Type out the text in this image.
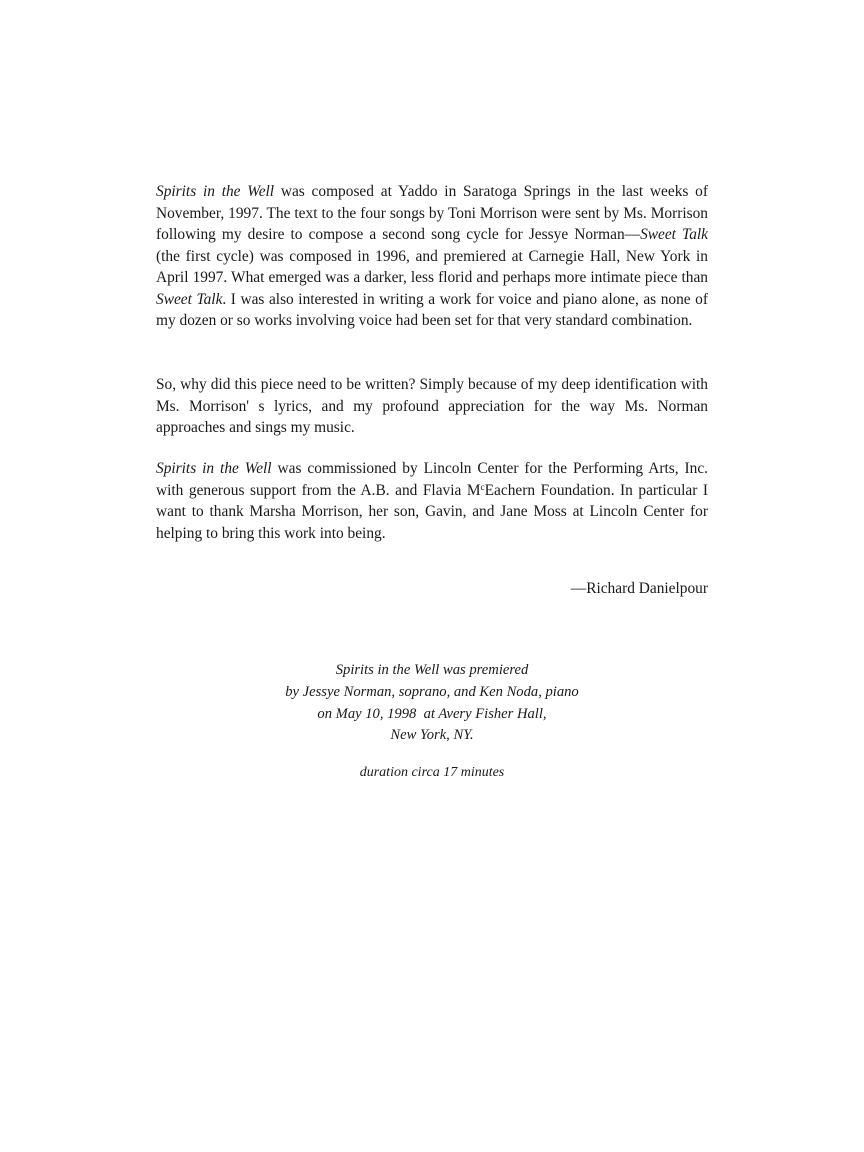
Spirits in the Well was composed at Yaddo in Saratoga Springs in the last weeks of November, 1997. The text to the four songs by Toni Morrison were sent by Ms. Morrison following my desire to compose a second song cycle for Jessye Norman—Sweet Talk (the first cycle) was composed in 1996, and premiered at Carnegie Hall, New York in April 1997. What emerged was a darker, less florid and perhaps more intimate piece than Sweet Talk. I was also interested in writing a work for voice and piano alone, as none of my dozen or so works involving voice had been set for that very standard combination.

So, why did this piece need to be written? Simply because of my deep identification with Ms. Morrison' s lyrics, and my profound appreciation for the way Ms. Norman approaches and sings my music.

Spirits in the Well was commissioned by Lincoln Center for the Performing Arts, Inc. with generous support from the A.B. and Flavia $M^cEachern$ Foundation. In particular I want to thank Marsha Morrison, her son, Gavin, and Jane Moss at Lincoln Center for helping to bring this work into being.

—Richard Danielpour

Spirits in the Well was premiered
by Jessye Norman, soprano, and Ken Noda, piano
on May 10, 1998  at Avery Fisher Hall,
New York, NY.

duration circa 17 minutes
